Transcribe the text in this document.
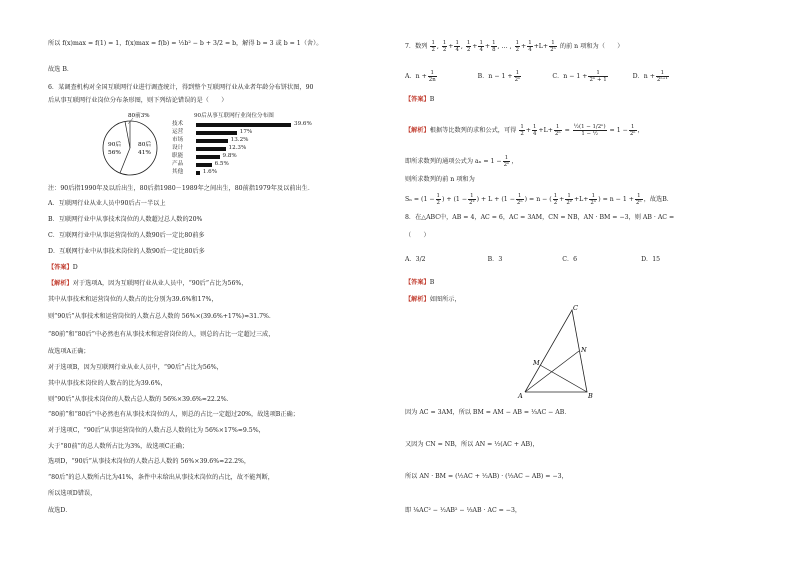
所以 f(x)max = f(1) = 1，f(x)max = f(b) = ½b² − b + 3/2 = b，解得 b = 3 或 b = 1（舍）。
故选 B．
6．某调查机构对全国互联网行业进行调查统计，得到整个互联网行业从业者年龄分布饼状图，90
后从事互联网行业岗位分布条形图，则下列结论错误的是（　　）
80前3%
90后
56%
80后
41%
90后从事互联网行业岗位分布图
技术	39.6%
运营	17%
市场	13.2%
设计	12.3%
职能	9.8%
产品	6.5%
其他	1.6%
注：90后指1990年及以后出生，80后指1980－1989年之间出生，80前指1979年及以前出生．
A．互联网行业从业人员中90后占一半以上
B．互联网行业中从事技术岗位的人数超过总人数的20%
C．互联网行业中从事运营岗位的人数90后一定比80前多
D．互联网行业中从事技术岗位的人数90后一定比80后多
【答案】D
【解析】对于选项A，因为互联网行业从业人员中，“90后”占比为56%，
其中从事技术和运营岗位的人数占的比分别为39.6%和17%，
则“90后”从事技术和运营岗位的人数占总人数的 56%×(39.6%+17%)≈31.7%．
“80前”和“80后”中必然也有从事技术和运营岗位的人，则总的占比一定超过三成，
故选项A正确；
对于选项B，因为互联网行业从业人员中，“90后”占比为56%，
其中从事技术岗位的人数占的比为39.6%，
则“90后”从事技术岗位的人数占总人数的 56%×39.6%≈22.2%．
“80前”和“80后”中必然也有从事技术岗位的人，则总的占比一定超过20%，故选项B正确；
对于选项C，“90后”从事运营岗位的人数占总人数的比为 56%×17%≈9.5%，
大于“80前”的总人数所占比为3%，故选项C正确；
选项D，“90后”从事技术岗位的人数占总人数的 56%×39.6%≈22.2%，
“80后”的总人数所占比为41%，条件中未给出从事技术岗位的占比，故不能判断，
所以选项D错误，
故选D．
7．数列 $\frac{1}{2}$ , $\frac{1}{2} + \frac{1}{4}$ , $\frac{1}{2} + \frac{1}{4} + \frac{1}{8}$ , … , $\frac{1}{2} + \frac{1}{4} +L+ \frac{1}{\text{2ⁿ}}$ 的前 n 项和为（　　）
A．$n + \frac{1}{2n}$	B．$n - 1 + \frac{1}{\text{2ⁿ}}$	C．$n - 1 + \frac{1}{\text{2ⁿ + 1}}$	D．$n + \frac{1}{\text{2ⁿ⁺¹}}$
【答案】B
【解析】根据等比数列的求和公式，可得 $\frac{1}{2} + \frac{1}{4} +L+ \frac{1}{\text{2ⁿ}} = \frac{\text{½(1 − 1/2ⁿ)}}{\text{1 − ½}} = 1 - \frac{1}{\text{2ⁿ}}$ ，
即所求数列的通项公式为 $a_n = 1 - \frac{1}{\text{2ⁿ}}$ ，
则所求数列的前 n 项和为
$S_n = (1 - \frac{1}{2}$ ) + ($1 - \frac{1}{\text{2²}}$ ) + $L + (1 - \frac{1}{\text{2ⁿ}}$ ) = n − ( $\frac{1}{2} + \frac{1}{\text{2²}} +L+ \frac{1}{\text{2ⁿ}}$ ) = $n - 1 + \frac{1}{\text{2ⁿ}}$ ，故选B．
8．在△ABC中，AB = 4，AC = 6，AC = 3AM，CN = NB，AN · BM = −3，则 AB · AC =
（　　）
A．3/2	B．3	C．6	D．15
【答案】B
【解析】如图所示，
C
N
M
A	B
因为 AC = 3AM，所以 BM = AM − AB = ⅓AC − AB．
又因为 CN = NB，所以 AN = ½(AC + AB)，
所以 AN · BM = (½AC + ½AB) · (⅓AC − AB) = −3，
即 ⅙AC² − ½AB² − ⅓AB · AC = −3，
